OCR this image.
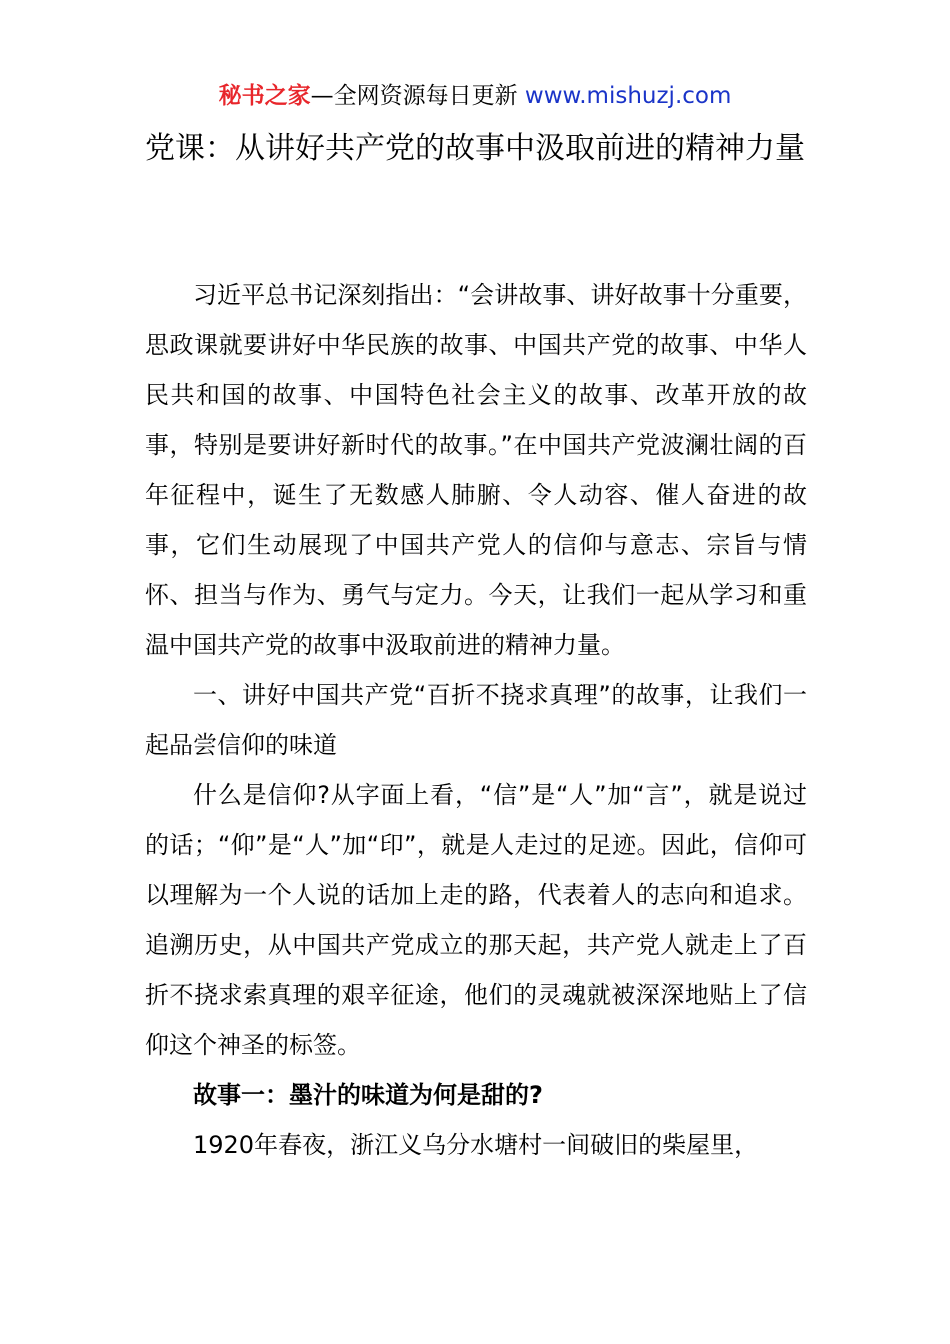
秘书之家—全网资源每日更新 www.mishuzj.com
党课：从讲好共产党的故事中汲取前进的精神力量

习近平总书记深刻指出：“会讲故事、讲好故事十分重要，思政课就要讲好中华民族的故事、中国共产党的故事、中华人民共和国的故事、中国特色社会主义的故事、改革开放的故事，特别是要讲好新时代的故事。”在中国共产党波澜壮阔的百年征程中，诞生了无数感人肺腑、令人动容、催人奋进的故事，它们生动展现了中国共产党人的信仰与意志、宗旨与情怀、担当与作为、勇气与定力。今天，让我们一起从学习和重温中国共产党的故事中汲取前进的精神力量。

一、讲好中国共产党“百折不挠求真理”的故事，让我们一起品尝信仰的味道

什么是信仰?从字面上看，“信”是“人”加“言”，就是说过的话；“仰”是“人”加“印”，就是人走过的足迹。因此，信仰可以理解为一个人说的话加上走的路，代表着人的志向和追求。追溯历史，从中国共产党成立的那天起，共产党人就走上了百折不挠求索真理的艰辛征途，他们的灵魂就被深深地贴上了信仰这个神圣的标签。

故事一：墨汁的味道为何是甜的?

1920年春夜，浙江义乌分水塘村一间破旧的柴屋里，
